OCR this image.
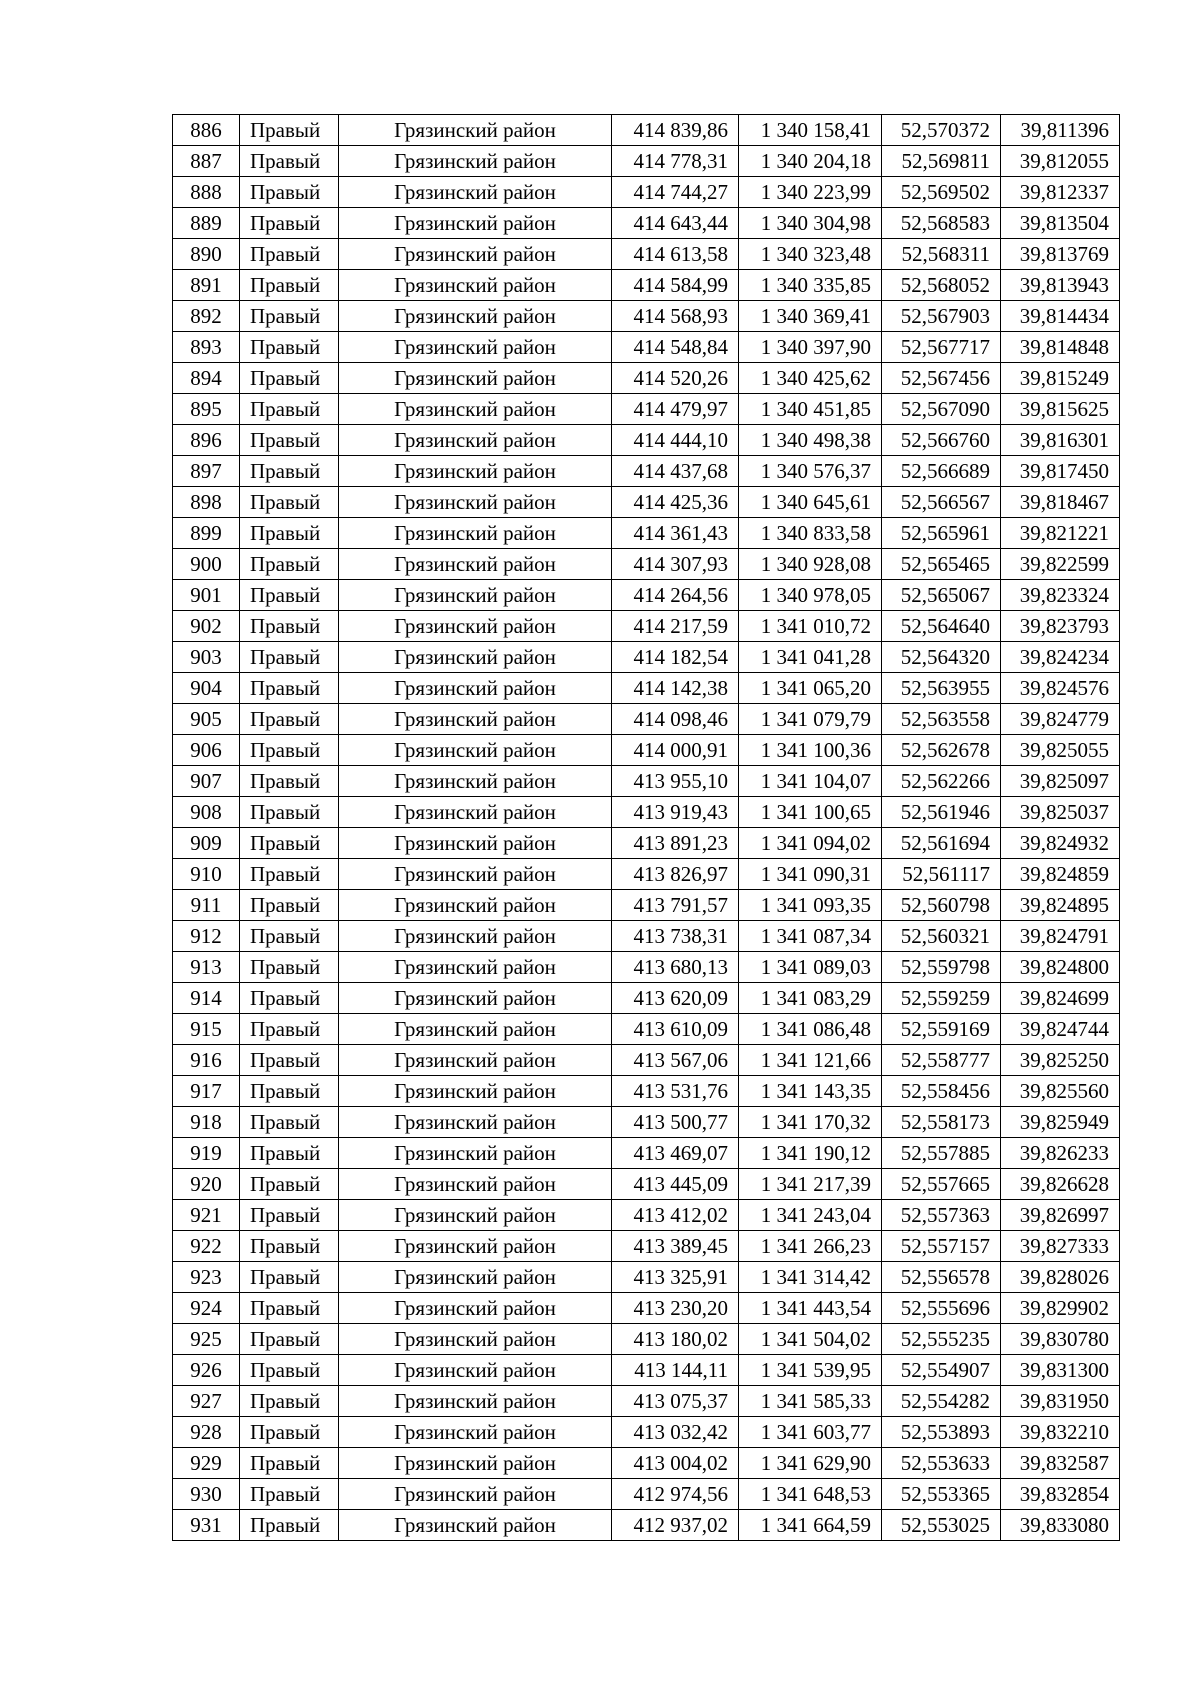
886	Правый	Грязинский район	414 839,86	1 340 158,41	52,570372	39,811396
887	Правый	Грязинский район	414 778,31	1 340 204,18	52,569811	39,812055
888	Правый	Грязинский район	414 744,27	1 340 223,99	52,569502	39,812337
889	Правый	Грязинский район	414 643,44	1 340 304,98	52,568583	39,813504
890	Правый	Грязинский район	414 613,58	1 340 323,48	52,568311	39,813769
891	Правый	Грязинский район	414 584,99	1 340 335,85	52,568052	39,813943
892	Правый	Грязинский район	414 568,93	1 340 369,41	52,567903	39,814434
893	Правый	Грязинский район	414 548,84	1 340 397,90	52,567717	39,814848
894	Правый	Грязинский район	414 520,26	1 340 425,62	52,567456	39,815249
895	Правый	Грязинский район	414 479,97	1 340 451,85	52,567090	39,815625
896	Правый	Грязинский район	414 444,10	1 340 498,38	52,566760	39,816301
897	Правый	Грязинский район	414 437,68	1 340 576,37	52,566689	39,817450
898	Правый	Грязинский район	414 425,36	1 340 645,61	52,566567	39,818467
899	Правый	Грязинский район	414 361,43	1 340 833,58	52,565961	39,821221
900	Правый	Грязинский район	414 307,93	1 340 928,08	52,565465	39,822599
901	Правый	Грязинский район	414 264,56	1 340 978,05	52,565067	39,823324
902	Правый	Грязинский район	414 217,59	1 341 010,72	52,564640	39,823793
903	Правый	Грязинский район	414 182,54	1 341 041,28	52,564320	39,824234
904	Правый	Грязинский район	414 142,38	1 341 065,20	52,563955	39,824576
905	Правый	Грязинский район	414 098,46	1 341 079,79	52,563558	39,824779
906	Правый	Грязинский район	414 000,91	1 341 100,36	52,562678	39,825055
907	Правый	Грязинский район	413 955,10	1 341 104,07	52,562266	39,825097
908	Правый	Грязинский район	413 919,43	1 341 100,65	52,561946	39,825037
909	Правый	Грязинский район	413 891,23	1 341 094,02	52,561694	39,824932
910	Правый	Грязинский район	413 826,97	1 341 090,31	52,561117	39,824859
911	Правый	Грязинский район	413 791,57	1 341 093,35	52,560798	39,824895
912	Правый	Грязинский район	413 738,31	1 341 087,34	52,560321	39,824791
913	Правый	Грязинский район	413 680,13	1 341 089,03	52,559798	39,824800
914	Правый	Грязинский район	413 620,09	1 341 083,29	52,559259	39,824699
915	Правый	Грязинский район	413 610,09	1 341 086,48	52,559169	39,824744
916	Правый	Грязинский район	413 567,06	1 341 121,66	52,558777	39,825250
917	Правый	Грязинский район	413 531,76	1 341 143,35	52,558456	39,825560
918	Правый	Грязинский район	413 500,77	1 341 170,32	52,558173	39,825949
919	Правый	Грязинский район	413 469,07	1 341 190,12	52,557885	39,826233
920	Правый	Грязинский район	413 445,09	1 341 217,39	52,557665	39,826628
921	Правый	Грязинский район	413 412,02	1 341 243,04	52,557363	39,826997
922	Правый	Грязинский район	413 389,45	1 341 266,23	52,557157	39,827333
923	Правый	Грязинский район	413 325,91	1 341 314,42	52,556578	39,828026
924	Правый	Грязинский район	413 230,20	1 341 443,54	52,555696	39,829902
925	Правый	Грязинский район	413 180,02	1 341 504,02	52,555235	39,830780
926	Правый	Грязинский район	413 144,11	1 341 539,95	52,554907	39,831300
927	Правый	Грязинский район	413 075,37	1 341 585,33	52,554282	39,831950
928	Правый	Грязинский район	413 032,42	1 341 603,77	52,553893	39,832210
929	Правый	Грязинский район	413 004,02	1 341 629,90	52,553633	39,832587
930	Правый	Грязинский район	412 974,56	1 341 648,53	52,553365	39,832854
931	Правый	Грязинский район	412 937,02	1 341 664,59	52,553025	39,833080
